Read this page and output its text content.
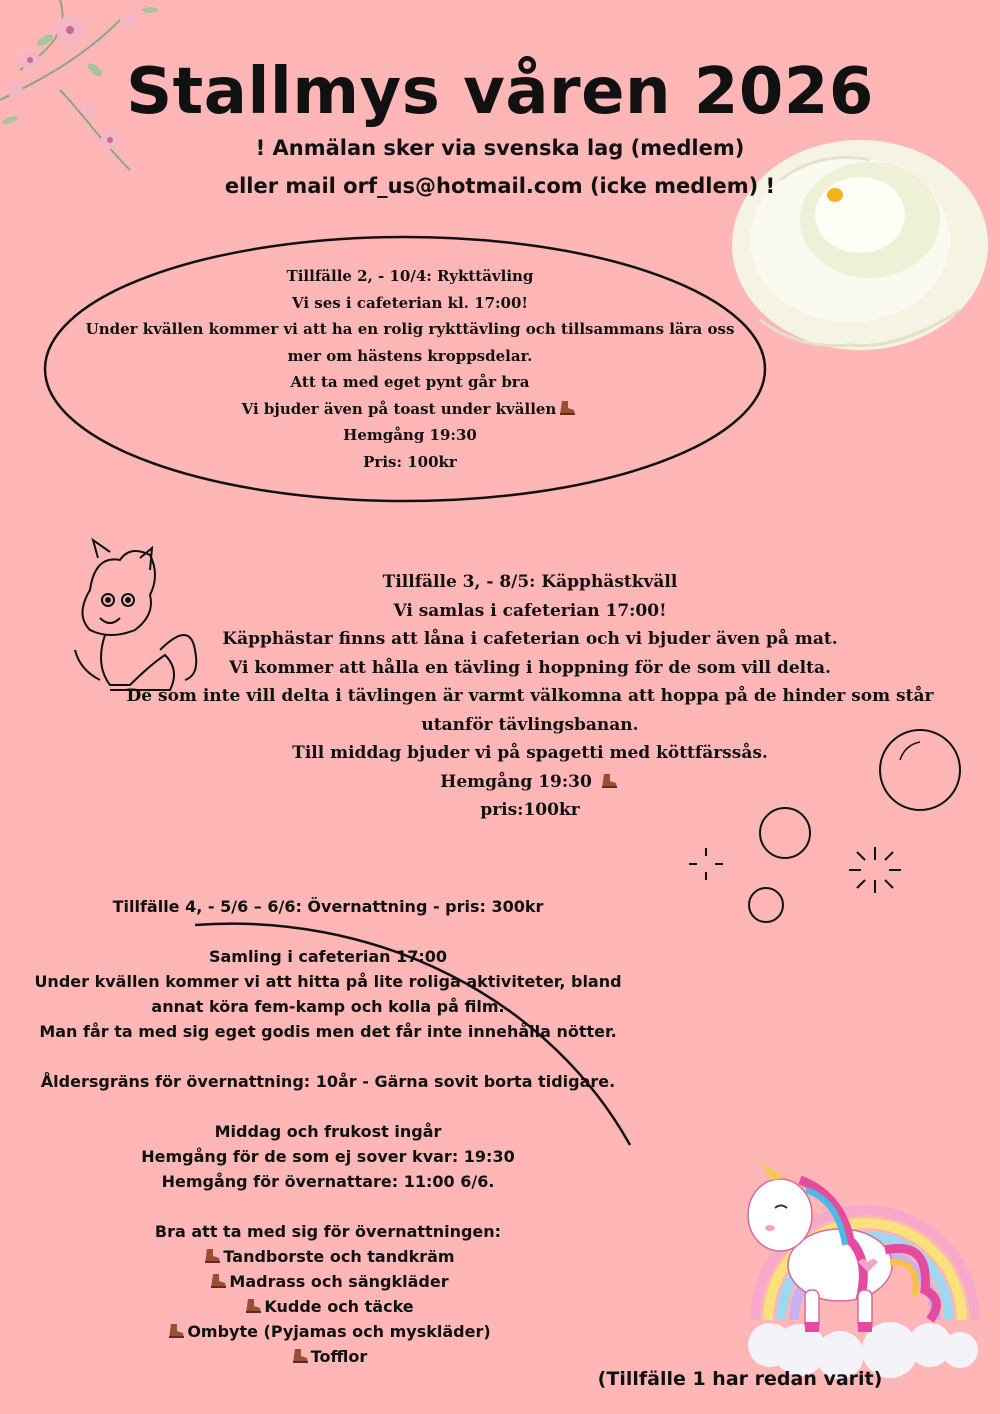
Stallmys våren 2026
! Anmälan sker via svenska lag (medlem)
eller mail orf_us@hotmail.com (icke medlem) !
Tillfälle 2, - 10/4: Rykttävling
Vi ses i cafeterian kl. 17:00!
Under kvällen kommer vi att ha en rolig rykttävling och tillsammans lära oss
mer om hästens kroppsdelar.
Att ta med eget pynt går bra
Vi bjuder även på toast under kvällen
Hemgång 19:30
Pris: 100kr
Tillfälle 3, - 8/5: Käpphästkväll
Vi samlas i cafeterian 17:00!
Käpphästar finns att låna i cafeterian och vi bjuder även på mat.
Vi kommer att hålla en tävling i hoppning för de som vill delta.
De som inte vill delta i tävlingen är varmt välkomna att hoppa på de hinder som står
utanför tävlingsbanan.
Till middag bjuder vi på spagetti med köttfärssås.
Hemgång 19:30
pris:100kr
Tillfälle 4, - 5/6 – 6/6: Övernattning - pris: 300kr
Samling i cafeterian 17:00
Under kvällen kommer vi att hitta på lite roliga aktiviteter, bland
annat köra fem-kamp och kolla på film.
Man får ta med sig eget godis men det får inte innehålla nötter.
Åldersgräns för övernattning: 10år - Gärna sovit borta tidigare.
Middag och frukost ingår
Hemgång för de som ej sover kvar: 19:30
Hemgång för övernattare: 11:00 6/6.
Bra att ta med sig för övernattningen:
Tandborste och tandkräm
Madrass och sängkläder
Kudde och täcke
Ombyte (Pyjamas och myskläder)
Tofflor
(Tillfälle 1 har redan varit)
